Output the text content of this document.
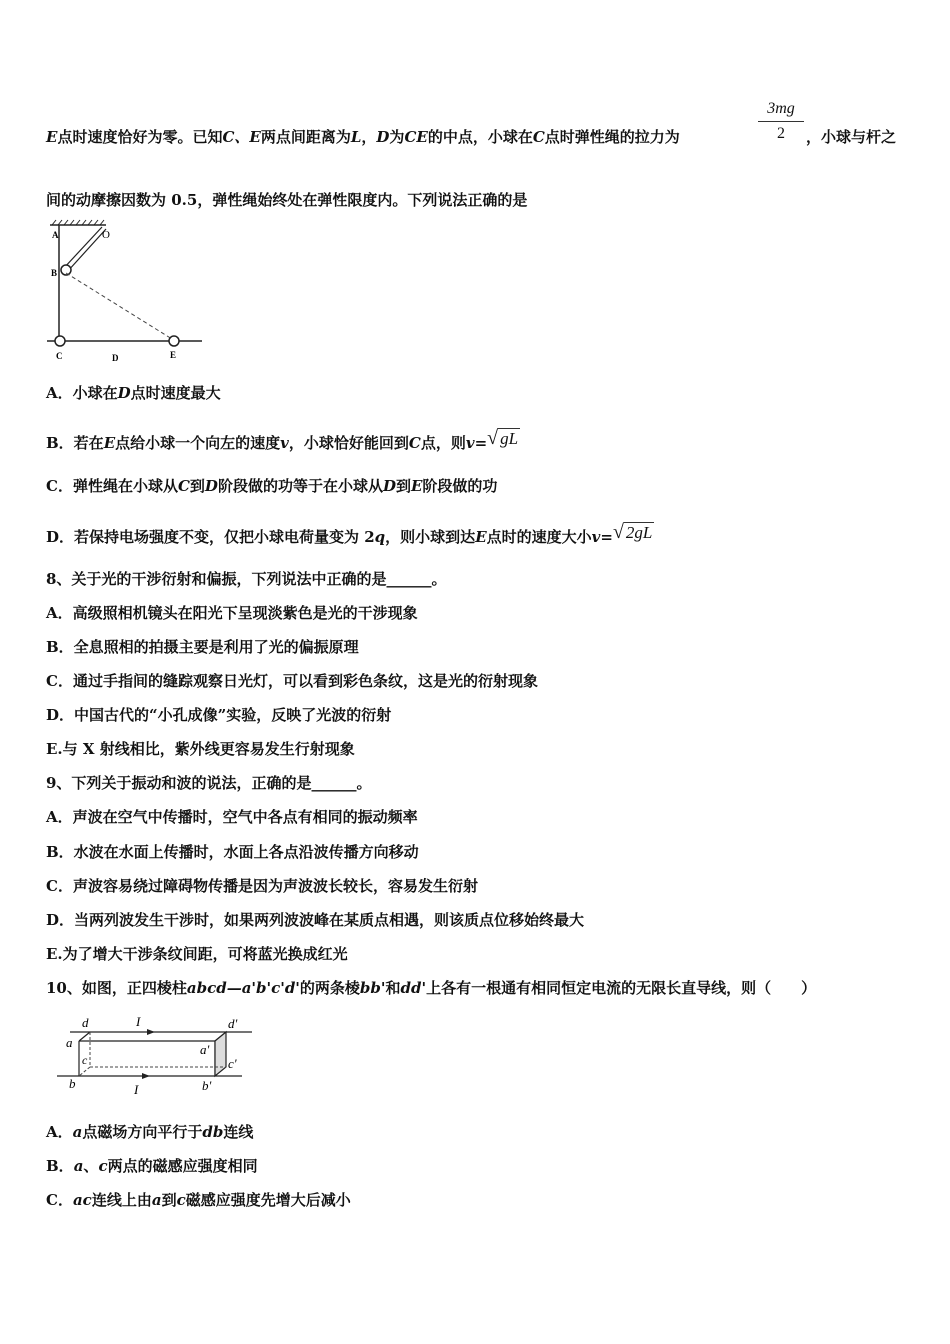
E点时速度恰好为零。已知C、E两点间距离为L，D为CE的中点，小球在C点时弹性绳的拉力为	$\frac{3mg}{2}$ ，小球与杆之
间的动摩擦因数为 0.5，弹性绳始终处在弹性限度内。下列说法正确的是
A	O
B
C	D	E
A．小球在D点时速度最大
B．若在E点给小球一个向左的速度v，小球恰好能回到C点，则v=√ gL
C．弹性绳在小球从C到D阶段做的功等于在小球从D到E阶段做的功
D．若保持电场强度不变，仅把小球电荷量变为 2q，则小球到达E点时的速度大小v=√ 2gL
8、关于光的干涉衍射和偏振，下列说法中正确的是______。
A．高级照相机镜头在阳光下呈现淡紫色是光的干涉现象
B．全息照相的拍摄主要是利用了光的偏振原理
C．通过手指间的缝踪观察日光灯，可以看到彩色条纹，这是光的衍射现象
D．中国古代的“小孔成像”实验，反映了光波的衍射
E.与 X 射线相比，紫外线更容易发生行射现象
9、下列关于振动和波的说法，正确的是______。
A．声波在空气中传播时，空气中各点有相同的振动频率
B．水波在水面上传播时，水面上各点沿波传播方向移动
C．声波容易绕过障碍物传播是因为声波波长较长，容易发生衍射
D．当两列波发生干涉时，如果两列波波峰在某质点相遇，则该质点位移始终最大
E.为了增大干涉条纹间距，可将蓝光换成红光
10、如图，正四棱柱abcd—a'b'c'd'的两条棱bb'和dd'上各有一根通有相同恒定电流的无限长直导线，则（　　）
d	I	d'
a	a'
c	c'
b	I	b'
A．a点磁场方向平行于db连线
B．a、c两点的磁感应强度相同
C．ac连线上由a到c磁感应强度先增大后减小
